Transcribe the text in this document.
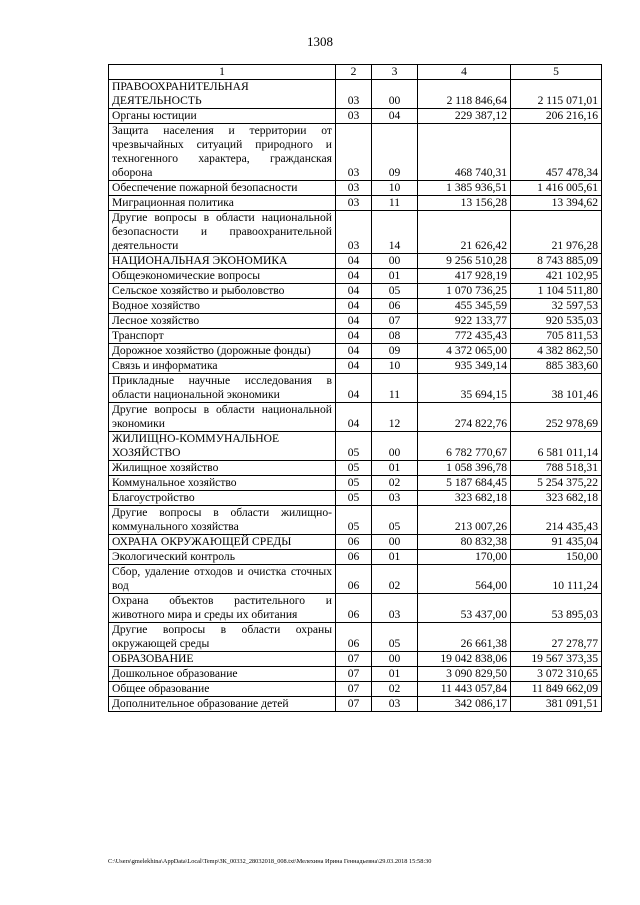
1308
1	2	3	4	5
ПРАВООХРАНИТЕЛЬНАЯ ДЕЯТЕЛЬНОСТЬ	03	00	2 118 846,64	2 115 071,01
Органы юстиции	03	04	229 387,12	206 216,16
Защита населения и территории от чрезвычайных ситуаций природного и техногенного характера, гражданская оборона	03	09	468 740,31	457 478,34
Обеспечение пожарной безопасности	03	10	1 385 936,51	1 416 005,61
Миграционная политика	03	11	13 156,28	13 394,62
Другие вопросы в области национальной безопасности и правоохранительной деятельности	03	14	21 626,42	21 976,28
НАЦИОНАЛЬНАЯ ЭКОНОМИКА	04	00	9 256 510,28	8 743 885,09
Общеэкономические вопросы	04	01	417 928,19	421 102,95
Сельское хозяйство и рыболовство	04	05	1 070 736,25	1 104 511,80
Водное хозяйство	04	06	455 345,59	32 597,53
Лесное хозяйство	04	07	922 133,77	920 535,03
Транспорт	04	08	772 435,43	705 811,53
Дорожное хозяйство (дорожные фонды)	04	09	4 372 065,00	4 382 862,50
Связь и информатика	04	10	935 349,14	885 383,60
Прикладные научные исследования в области национальной экономики	04	11	35 694,15	38 101,46
Другие вопросы в области национальной экономики	04	12	274 822,76	252 978,69
ЖИЛИЩНО-КОММУНАЛЬНОЕ ХОЗЯЙСТВО	05	00	6 782 770,67	6 581 011,14
Жилищное хозяйство	05	01	1 058 396,78	788 518,31
Коммунальное хозяйство	05	02	5 187 684,45	5 254 375,22
Благоустройство	05	03	323 682,18	323 682,18
Другие вопросы в области жилищно-коммунального хозяйства	05	05	213 007,26	214 435,43
ОХРАНА ОКРУЖАЮЩЕЙ СРЕДЫ	06	00	80 832,38	91 435,04
Экологический контроль	06	01	170,00	150,00
Сбор, удаление отходов и очистка сточных вод	06	02	564,00	10 111,24
Охрана объектов растительного и животного мира и среды их обитания	06	03	53 437,00	53 895,03
Другие вопросы в области охраны окружающей среды	06	05	26 661,38	27 278,77
ОБРАЗОВАНИЕ	07	00	19 042 838,06	19 567 373,35
Дошкольное образование	07	01	3 090 829,50	3 072 310,65
Общее образование	07	02	11 443 057,84	11 849 662,09
Дополнительное образование детей	07	03	342 086,17	381 091,51
C:\Users\gmelekhina\AppData\Local\Temp\ЗК_00332_28032018_008.txt\Мелехина Ирина Геннадьевна\29.03.2018 15:58:30
